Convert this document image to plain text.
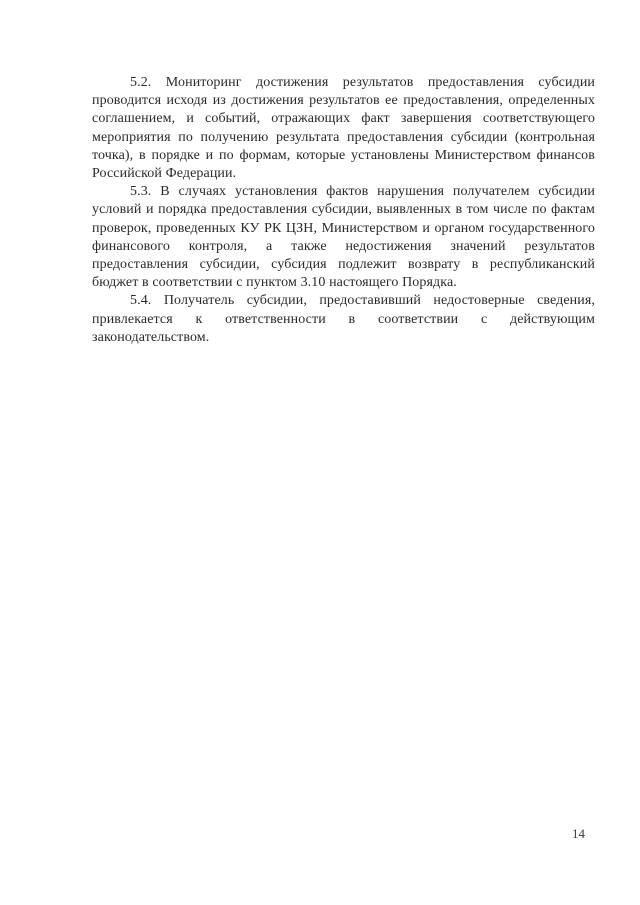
5.2. Мониторинг достижения результатов предоставления субсидии проводится исходя из достижения результатов ее предоставления, определенных соглашением, и событий, отражающих факт завершения соответствующего мероприятия по получению результата предоставления субсидии (контрольная точка), в порядке и по формам, которые установлены Министерством финансов Российской Федерации.

5.3. В случаях установления фактов нарушения получателем субсидии условий и порядка предоставления субсидии, выявленных в том числе по фактам проверок, проведенных КУ РК ЦЗН, Министерством и органом государственного финансового контроля, а также недостижения значений результатов предоставления субсидии, субсидия подлежит возврату в республиканский бюджет в соответствии с пунктом 3.10 настоящего Порядка.

5.4. Получатель субсидии, предоставивший недостоверные сведения, привлекается к ответственности в соответствии с действующим законодательством.

14
